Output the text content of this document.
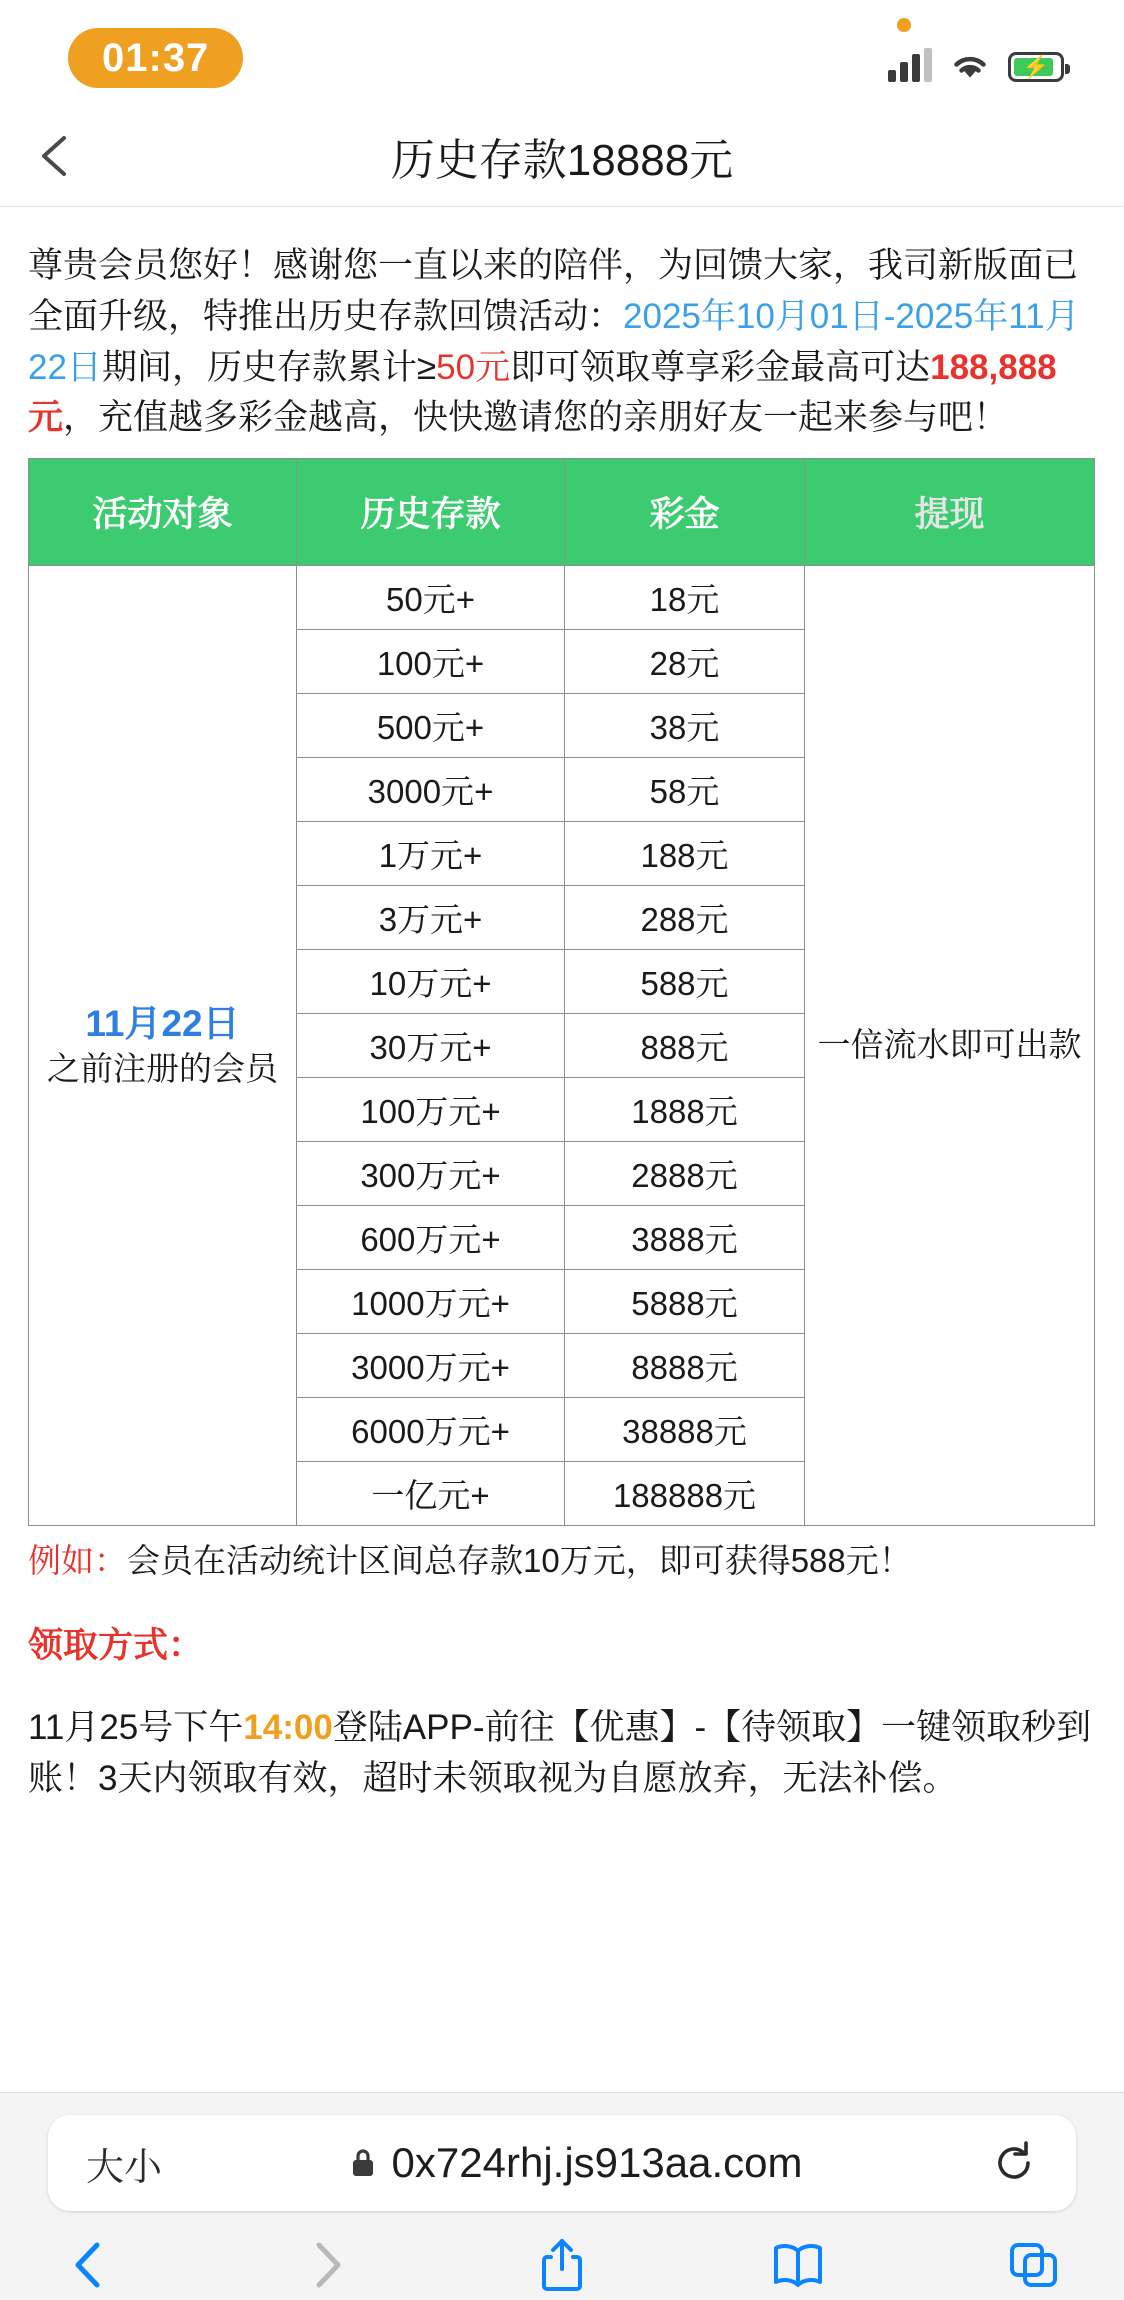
01:37	⚡
历史存款18888元

尊贵会员您好！感谢您一直以来的陪伴，为回馈大家，我司新版面已全面升级，特推出历史存款回馈活动：2025年10月01日-2025年11月22日期间，历史存款累计≥50元即可领取尊享彩金最高可达188,888元，充值越多彩金越高，快快邀请您的亲朋好友一起来参与吧！

活动对象	历史存款	彩金	提现

11月22日
之前注册的会员	50元+	18元	一倍流水即可出款
	100元+	28元	
	500元+	38元	
	3000元+	58元	
	1万元+	188元	
	3万元+	288元	
	10万元+	588元	
	30万元+	888元	
	100万元+	1888元	
	300万元+	2888元	
	600万元+	3888元	
	1000万元+	5888元	
	3000万元+	8888元	
	6000万元+	38888元	
	一亿元+	188888元	

例如：会员在活动统计区间总存款10万元，即可获得588元！

领取方式：

11月25号下午14:00登陆APP-前往【优惠】-【待领取】一键领取秒到账！3天内领取有效，超时未领取视为自愿放弃，无法补偿。

大小	0x724rhj.js913aa.com
